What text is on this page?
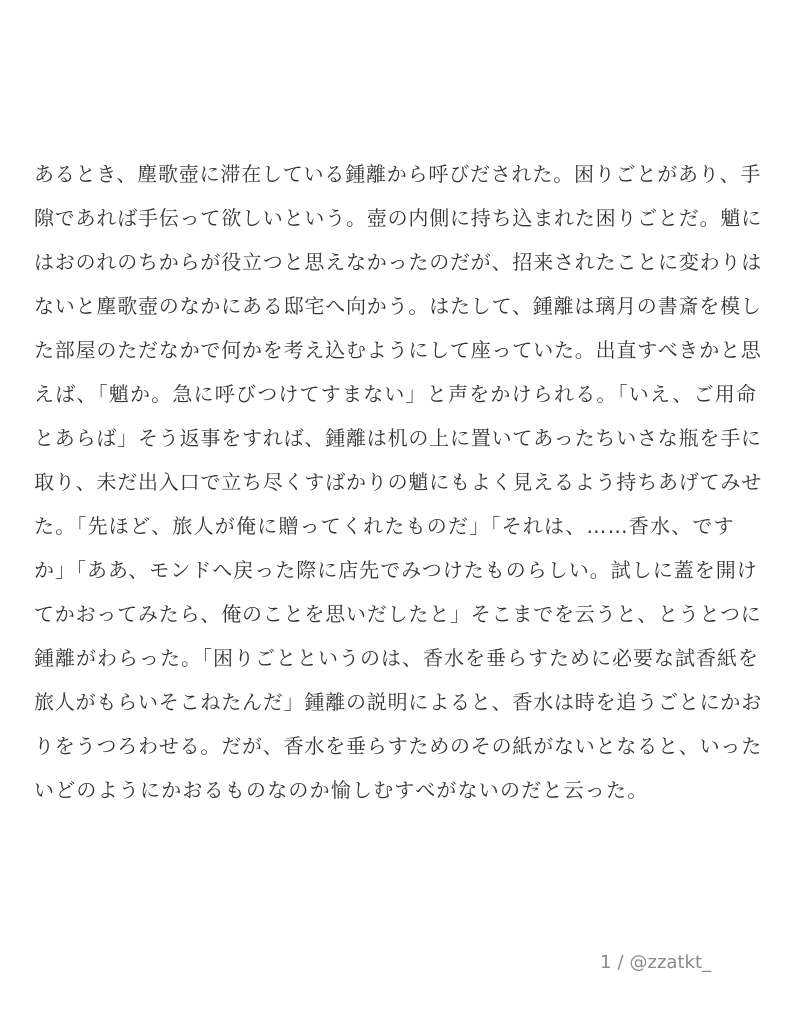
あるとき、塵歌壺に滞在している鍾離から呼びだされた。困りごとがあり、手
隙であれば手伝って欲しいという。壺の内側に持ち込まれた困りごとだ。魈に
はおのれのちからが役立つと思えなかったのだが、招来されたことに変わりは
ないと塵歌壺のなかにある邸宅へ向かう。はたして、鍾離は璃月の書斎を模し
た部屋のただなかで何かを考え込むようにして座っていた。出直すべきかと思
えば、「魈か。急に呼びつけてすまない」と声をかけられる。「いえ、ご用命
とあらば」そう返事をすれば、鍾離は机の上に置いてあったちいさな瓶を手に
取り、未だ出入口で立ち尽くすばかりの魈にもよく見えるよう持ちあげてみせ
た。「先ほど、旅人が俺に贈ってくれたものだ」「それは、……香水、です
か」「ああ、モンドへ戻った際に店先でみつけたものらしい。試しに蓋を開け
てかおってみたら、俺のことを思いだしたと」そこまでを云うと、とうとつに
鍾離がわらった。「困りごとというのは、香水を垂らすために必要な試香紙を
旅人がもらいそこねたんだ」鍾離の説明によると、香水は時を追うごとにかお
りをうつろわせる。だが、香水を垂らすためのその紙がないとなると、いった
いどのようにかおるものなのか愉しむすべがないのだと云った。
1 / @zzatkt_
